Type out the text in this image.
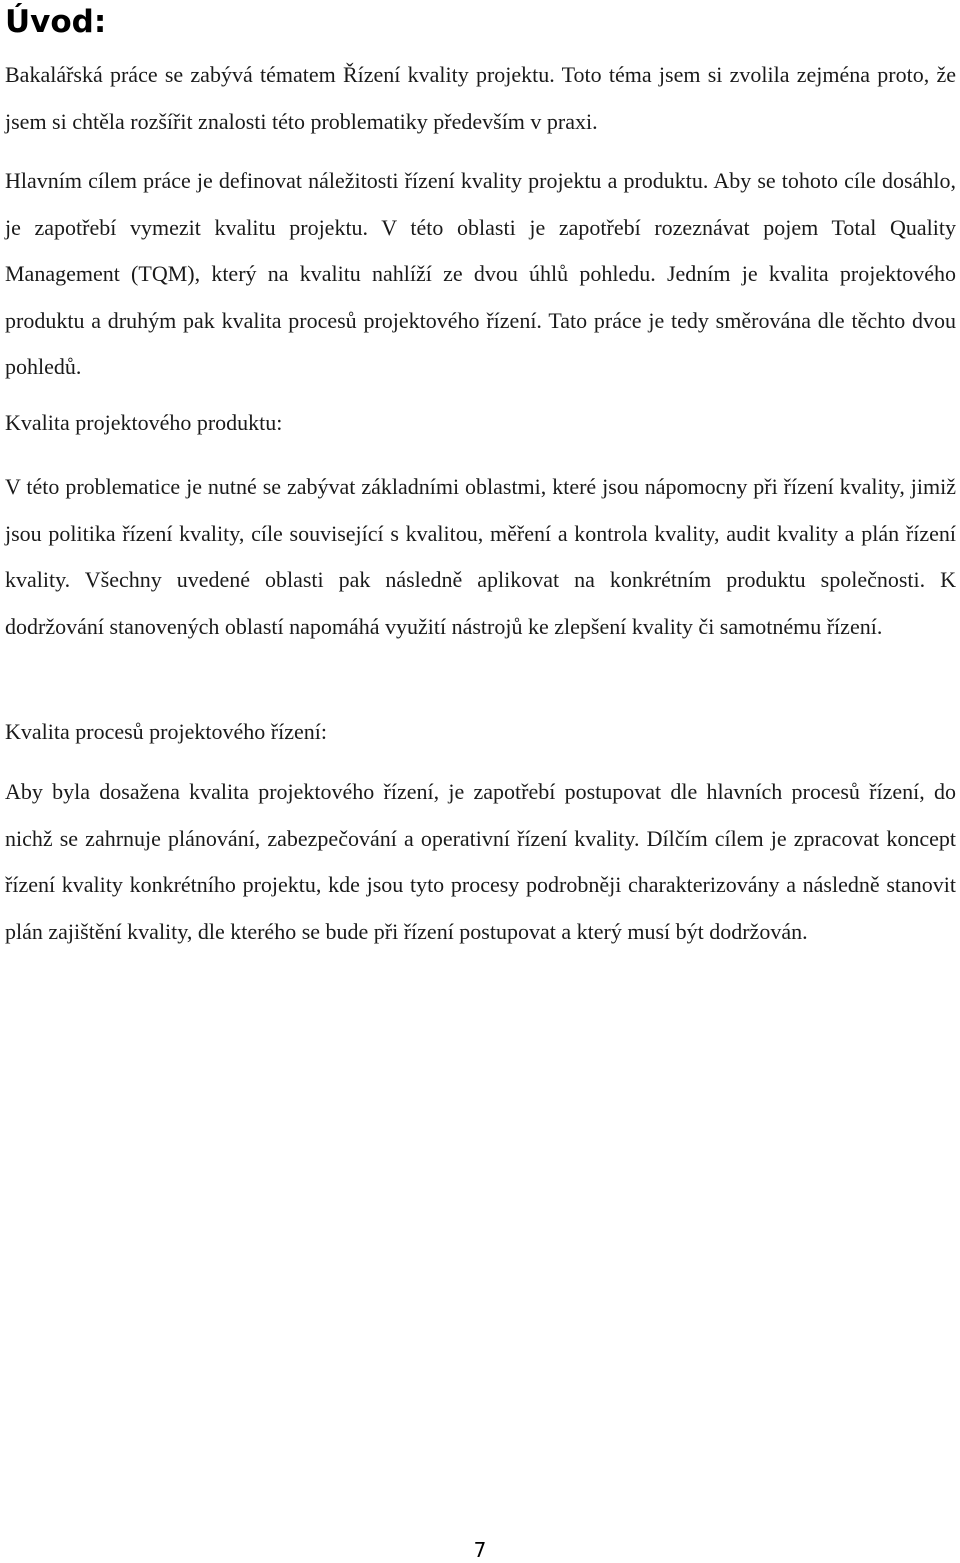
Úvod:

Bakalářská práce se zabývá tématem Řízení kvality projektu. Toto téma jsem si zvolila zejména proto, že jsem si chtěla rozšířit znalosti této problematiky především v praxi.

Hlavním cílem práce je definovat náležitosti řízení kvality projektu a produktu. Aby se tohoto cíle dosáhlo, je zapotřebí vymezit kvalitu projektu. V této oblasti je zapotřebí rozeznávat pojem Total Quality Management (TQM), který na kvalitu nahlíží ze dvou úhlů pohledu. Jedním je kvalita projektového produktu a druhým pak kvalita procesů projektového řízení. Tato práce je tedy směrována dle těchto dvou pohledů.

Kvalita projektového produktu:

V této problematice je nutné se zabývat základními oblastmi, které jsou nápomocny při řízení kvality, jimiž jsou politika řízení kvality, cíle související s kvalitou, měření a kontrola kvality, audit kvality a plán řízení kvality. Všechny uvedené oblasti pak následně aplikovat na konkrétním produktu společnosti. K dodržování stanovených oblastí napomáhá využití nástrojů ke zlepšení kvality či samotnému řízení.

Kvalita procesů projektového řízení:

Aby byla dosažena kvalita projektového řízení, je zapotřebí postupovat dle hlavních procesů řízení, do nichž se zahrnuje plánování, zabezpečování a operativní řízení kvality. Dílčím cílem je zpracovat koncept řízení kvality konkrétního projektu, kde jsou tyto procesy podrobněji charakterizovány a následně stanovit plán zajištění kvality, dle kterého se bude při řízení postupovat a který musí být dodržován.

7
